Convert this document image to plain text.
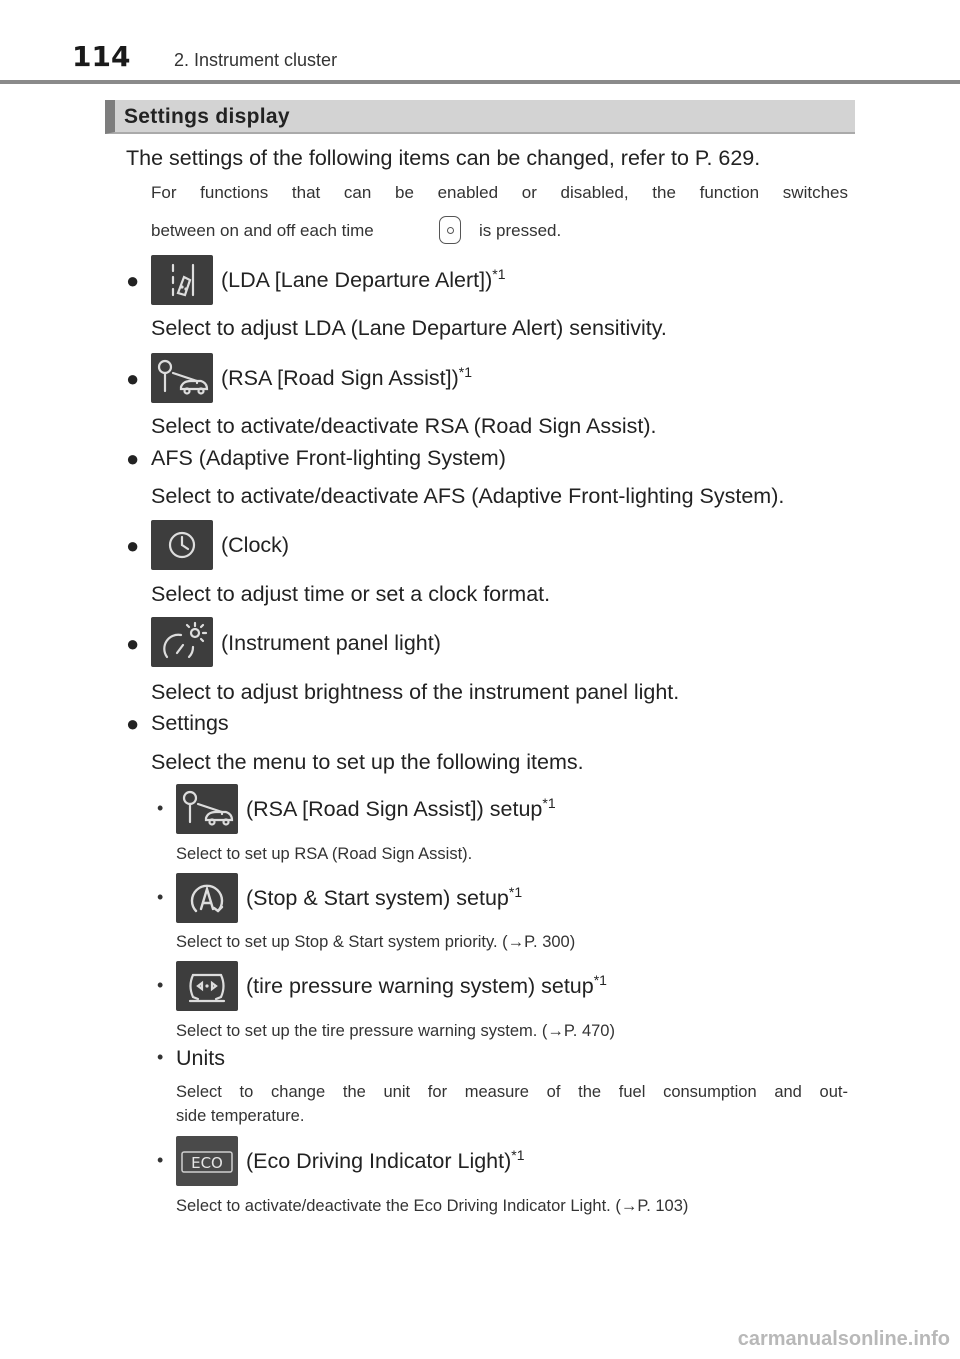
114 2. Instrument cluster
Settings display
The settings of the following items can be changed, refer to P. 629.
For functions that can be enabled or disabled, the function switches
between on and off each time	is pressed.
●	(LDA [Lane Departure Alert])$^{*1}$
Select to adjust LDA (Lane Departure Alert) sensitivity.
●	(RSA [Road Sign Assist])$^{*1}$
Select to activate/deactivate RSA (Road Sign Assist).
● AFS (Adaptive Front-lighting System)
Select to activate/deactivate AFS (Adaptive Front-lighting System).
●	(Clock)
Select to adjust time or set a clock format.
●	(Instrument panel light)
Select to adjust brightness of the instrument panel light.
● Settings
Select the menu to set up the following items.
•	(RSA [Road Sign Assist]) setup$^{*1}$
Select to set up RSA (Road Sign Assist).
•	(Stop & Start system) setup$^{*1}$
Select to set up Stop & Start system priority. (→P. 300)
•	(tire pressure warning system) setup$^{*1}$
Select to set up the tire pressure warning system. (→P. 470)
• Units
Select to change the unit for measure of the fuel consumption and out-
side temperature.
• ECO (Eco Driving Indicator Light)$^{*1}$
Select to activate/deactivate the Eco Driving Indicator Light. (→P. 103)
carmanualsonline.info
